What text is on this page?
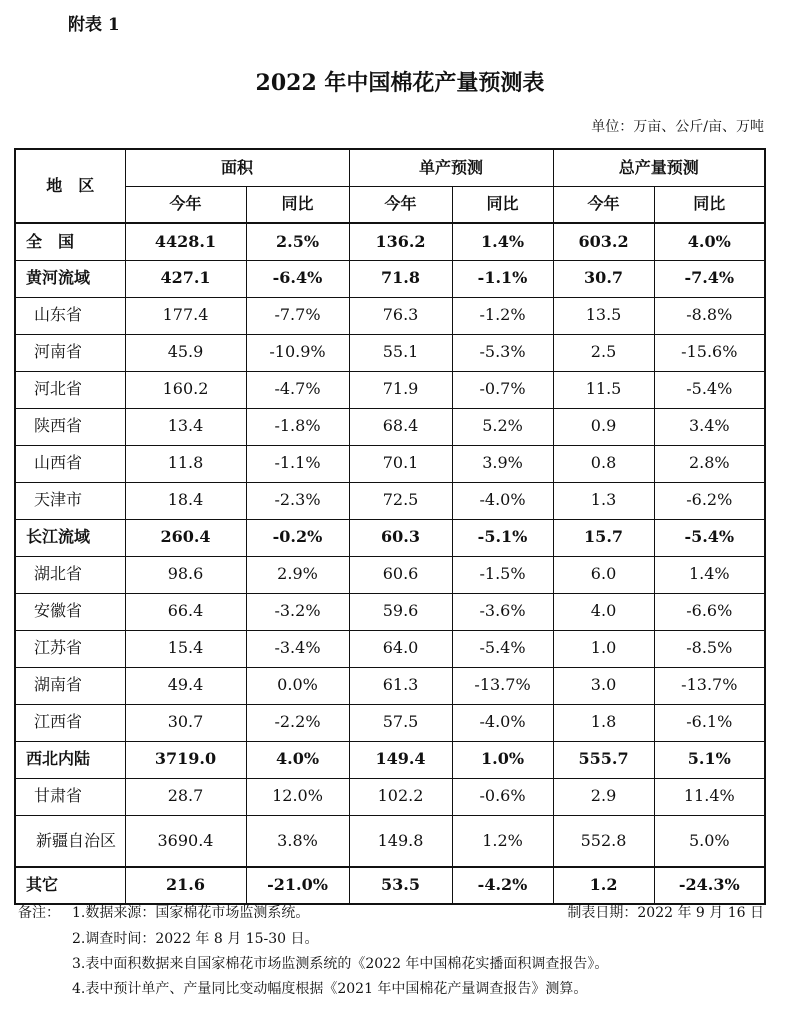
附表 1
2022 年中国棉花产量预测表
单位：万亩、公斤/亩、万吨
地　区	面积		单产预测		总产量预测	
	今年	同比	今年	同比	今年	同比
全　国	4428.1	2.5%	136.2	1.4%	603.2	4.0%
黄河流域	427.1	-6.4%	71.8	-1.1%	30.7	-7.4%
山东省	177.4	-7.7%	76.3	-1.2%	13.5	-8.8%
河南省	45.9	-10.9%	55.1	-5.3%	2.5	-15.6%
河北省	160.2	-4.7%	71.9	-0.7%	11.5	-5.4%
陕西省	13.4	-1.8%	68.4	5.2%	0.9	3.4%
山西省	11.8	-1.1%	70.1	3.9%	0.8	2.8%
天津市	18.4	-2.3%	72.5	-4.0%	1.3	-6.2%
长江流域	260.4	-0.2%	60.3	-5.1%	15.7	-5.4%
湖北省	98.6	2.9%	60.6	-1.5%	6.0	1.4%
安徽省	66.4	-3.2%	59.6	-3.6%	4.0	-6.6%
江苏省	15.4	-3.4%	64.0	-5.4%	1.0	-8.5%
湖南省	49.4	0.0%	61.3	-13.7%	3.0	-13.7%
江西省	30.7	-2.2%	57.5	-4.0%	1.8	-6.1%
西北内陆	3719.0	4.0%	149.4	1.0%	555.7	5.1%
甘肃省	28.7	12.0%	102.2	-0.6%	2.9	11.4%
新疆自治区	3690.4	3.8%	149.8	1.2%	552.8	5.0%
其它	21.6	-21.0%	53.5	-4.2%	1.2	-24.3%
备注： 1.数据来源：国家棉花市场监测系统。	制表日期：2022 年 9 月 16 日
2.调查时间：2022 年 8 月 15-30 日。
3.表中面积数据来自国家棉花市场监测系统的《2022 年中国棉花实播面积调查报告》。
4.表中预计单产、产量同比变动幅度根据《2021 年中国棉花产量调查报告》测算。
